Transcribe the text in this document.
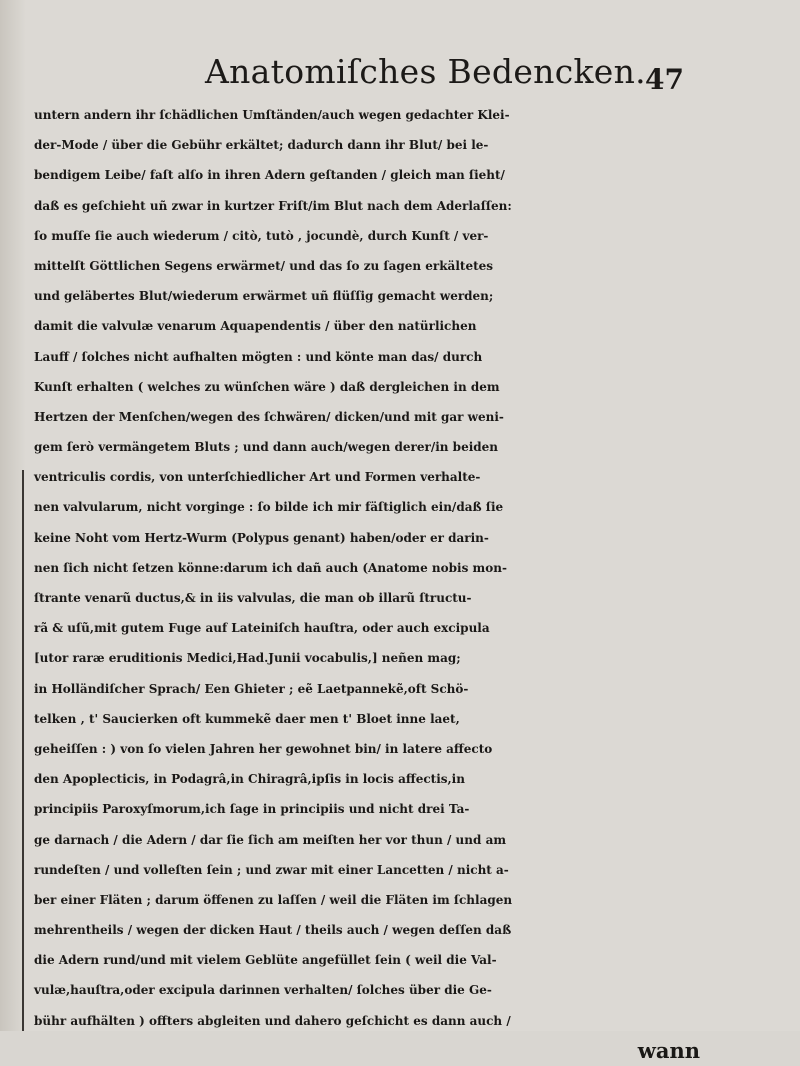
Anatomiſches Bedencken. 47
untern andern ihr ſchädlichen Umſtänden/auch wegen gedachter Klei-
der-Mode / über die Gebühr erkältet; dadurch dann ihr Blut/ bei le-
bendigem Leibe/ faſt alſo in ihren Adern geſtanden / gleich man ſieht/
daß es geſchieht uñ zwar in kurtzer Friſt/im Blut nach dem Aderlaſſen:
ſo muſſe ſie auch wiederum / citò, tutò , jocundè, durch Kunſt / ver-
mittelſt Göttlichen Segens erwärmet/ und das ſo zu ſagen erkältetes
und geläbertes Blut/wiederum erwärmet uñ flüſſig gemacht werden;
damit die valvulæ venarum Aquapendentis / über den natürlichen
Lauff / ſolches nicht aufhalten mögten : und könte man das/ durch
Kunſt erhalten ( welches zu wünſchen wäre ) daß dergleichen in dem
Hertzen der Menſchen/wegen des ſchwären/ dicken/und mit gar weni-
gem ſerò vermängetem Bluts ; und dann auch/wegen derer/in beiden
ventriculis cordis, von unterſchiedlicher Art und Formen verhalte-
nen valvularum, nicht vorginge : ſo bilde ich mir fäſtiglich ein/daß ſie
keine Noht vom Hertz-Wurm (Polypus genant) haben/oder er darin-
nen ſich nicht ſetzen könne:darum ich dañ auch (Anatome nobis mon-
ſtrante venarũ ductus,& in iis valvulas, die man ob illarũ ſtructu-
rã & uſũ,mit gutem Fuge auf Lateiniſch hauſtra, oder auch excipula
[utor raræ eruditionis Medici,Had.Junii vocabulis,] neñen mag;
in Holländiſcher Sprach/ Een Ghieter ; eẽ Laetpannekẽ,oft Schö-
telken , t' Saucierken oft kummekẽ daer men t' Bloet inne laet,
geheiſſen : ) von ſo vielen Jahren her gewohnet bin/ in latere affecto
den Apoplecticis, in Podagrâ,in Chiragrâ,ipſis in locis affectis,in
principiis Paroxyſmorum,ich ſage in principiis und nicht drei Ta-
ge darnach / die Adern / dar ſie ſich am meiſten her vor thun / und am
rundeſten / und volleſten ſein ; und zwar mit einer Lancetten / nicht a-
ber einer Fläten ; darum öffenen zu laſſen / weil die Fläten im ſchlagen
mehrentheils / wegen der dicken Haut / theils auch / wegen deſſen daß
die Adern rund/und mit vielem Geblüte angefüllet ſein ( weil die Val-
vulæ,hauſtra,oder excipula darinnen verhalten/ ſolches über die Ge-
bühr aufhälten ) offters abgleiten und dahero geſchicht es dann auch /
wann
